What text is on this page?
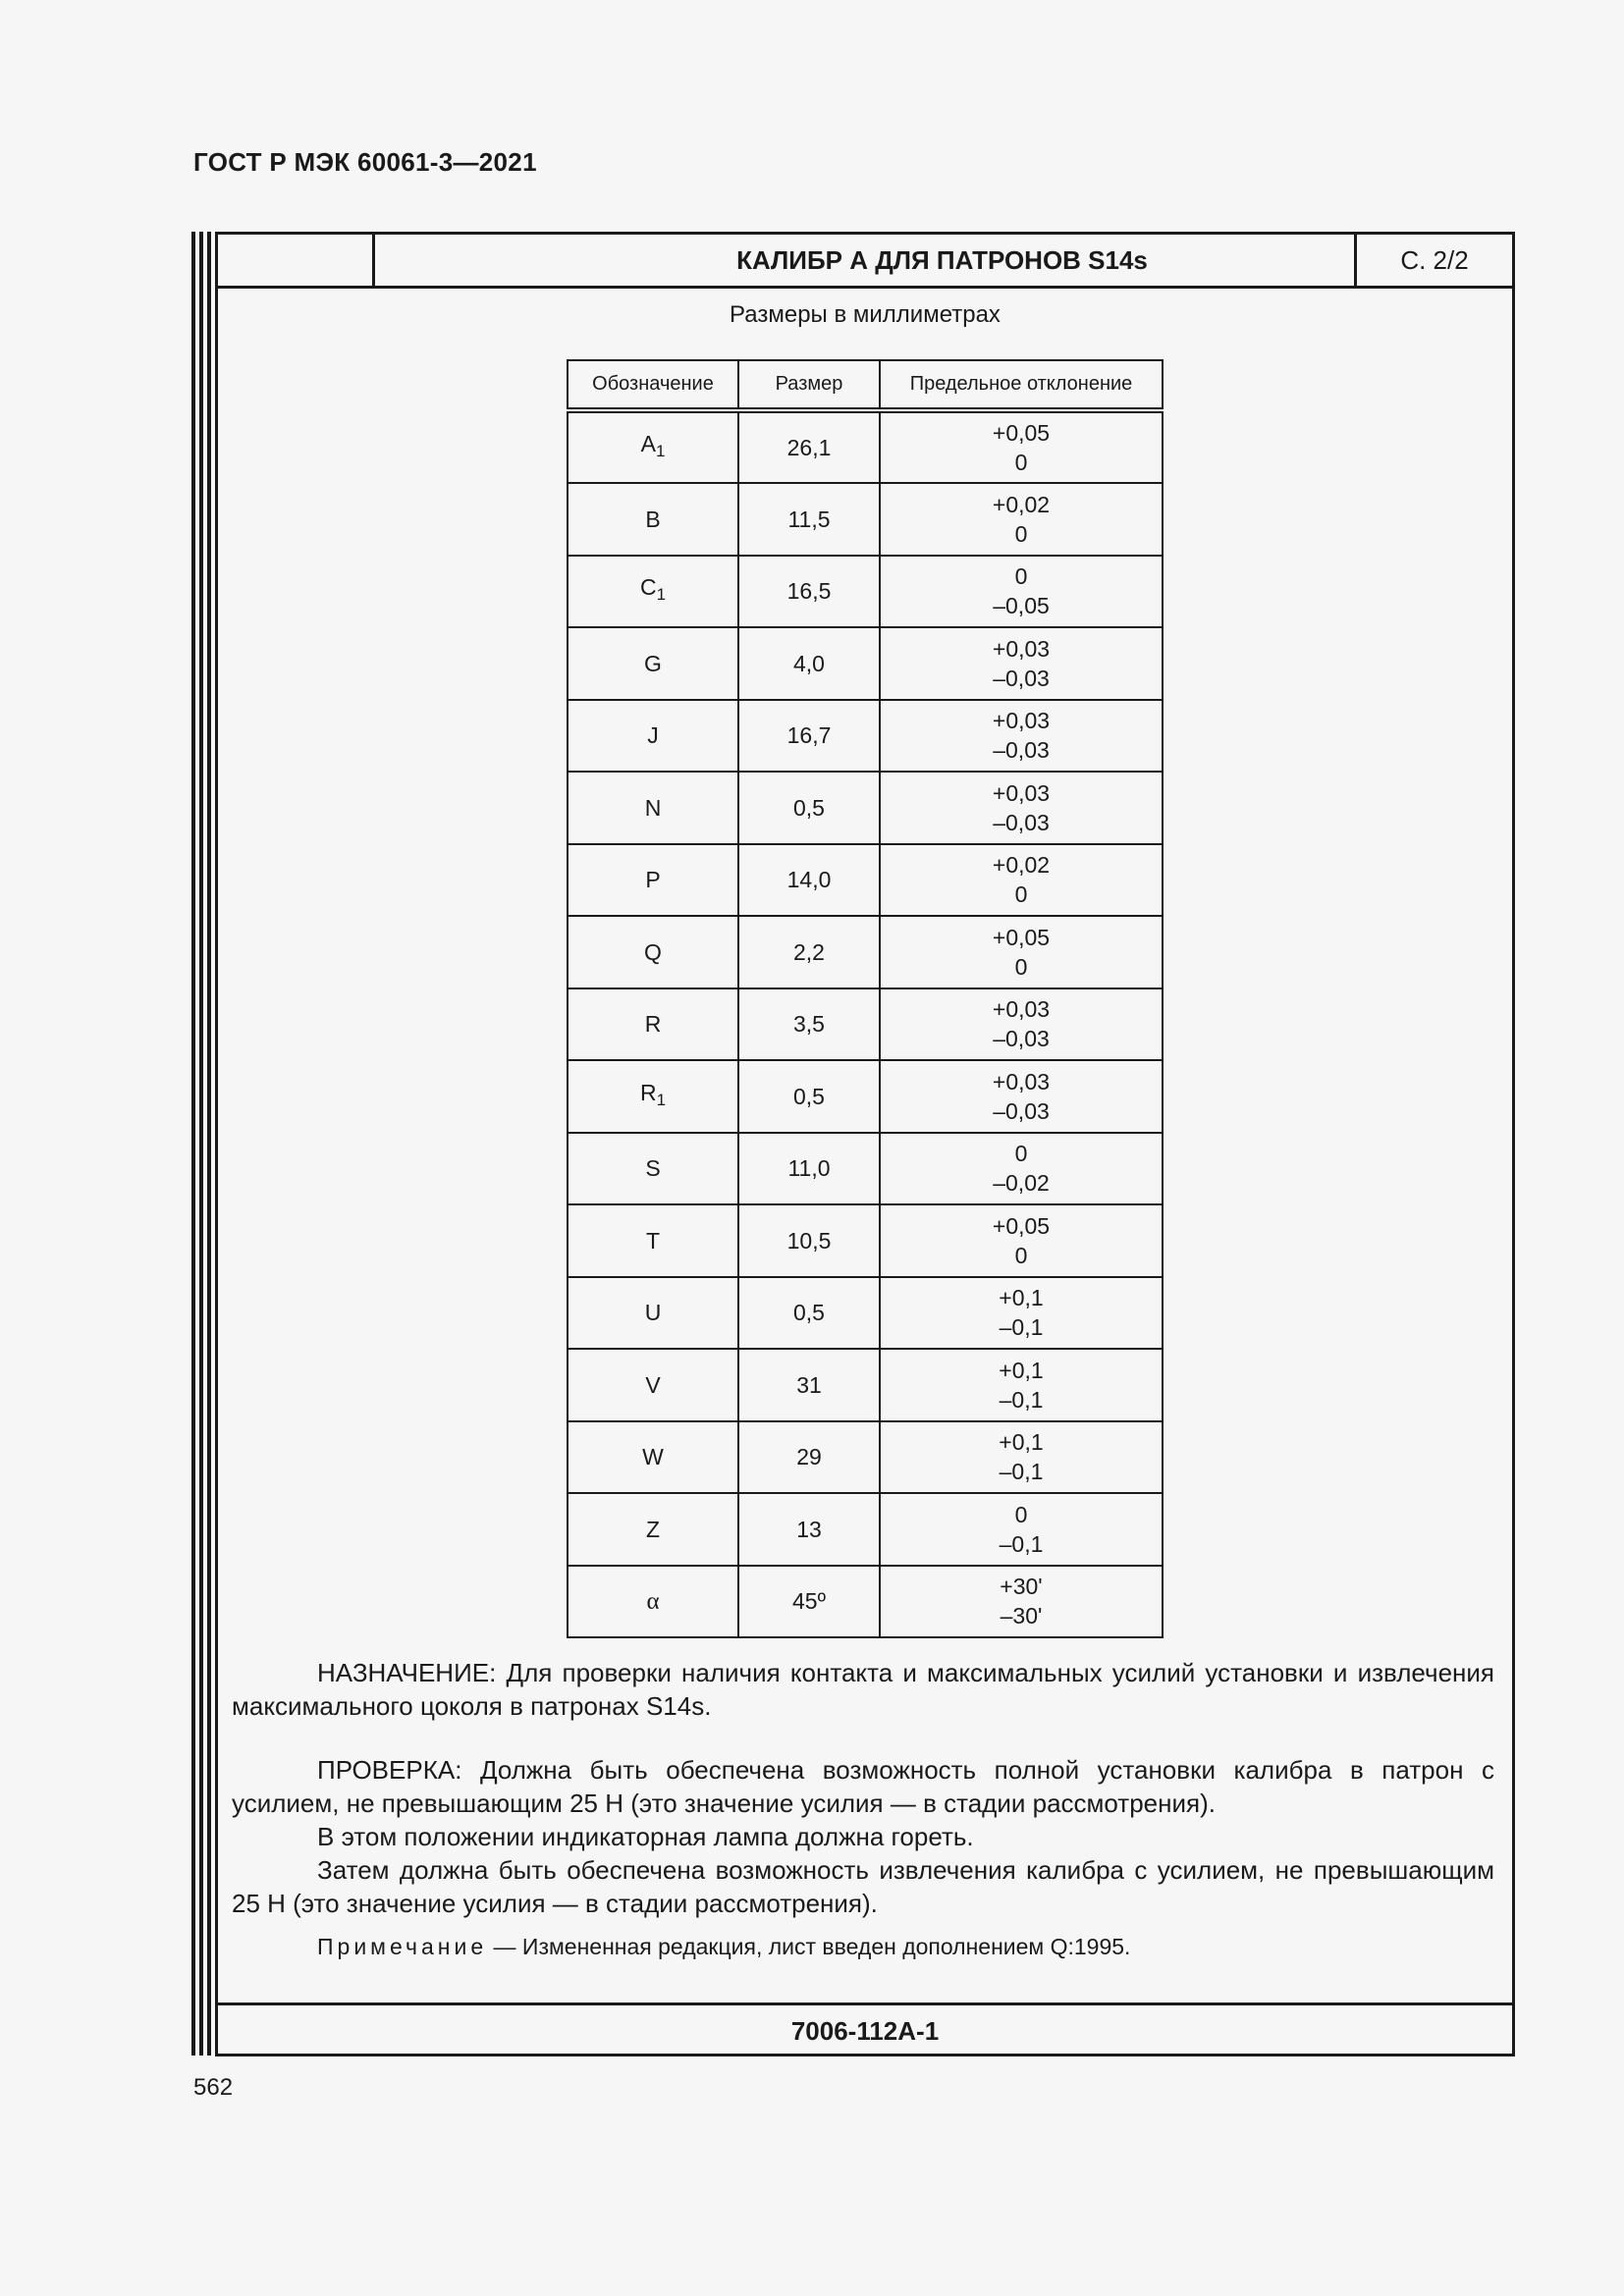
ГОСТ Р МЭК 60061-3—2021
КАЛИБР А ДЛЯ ПАТРОНОВ S14s	С. 2/2
Размеры в миллиметрах
Обозначение	Размер	Предельное отклонение
$A_1$	26,1	+0,05
0

B	11,5	+0,02
0

$C_1$	16,5	0
–0,05

G	4,0	+0,03
–0,03

J	16,7	+0,03
–0,03

N	0,5	+0,03
–0,03

P	14,0	+0,02
0

Q	2,2	+0,05
0

R	3,5	+0,03
–0,03

$R_1$	0,5	+0,03
–0,03

S	11,0	0
–0,02

T	10,5	+0,05
0

U	0,5	+0,1
–0,1

V	31	+0,1
–0,1

W	29	+0,1
–0,1

Z	13	0
–0,1

α	45º	+30'
–30'

НАЗНАЧЕНИЕ: Для проверки наличия контакта и максимальных усилий установки и извлечения максимального цоколя в патронах S14s.

ПРОВЕРКА: Должна быть обеспечена возможность полной установки калибра в патрон с усилием, не превышающим 25 Н (это значение усилия — в стадии рассмотрения).

В этом положении индикаторная лампа должна гореть.

Затем должна быть обеспечена возможность извлечения калибра с усилием, не превышающим 25 Н (это значение усилия — в стадии рассмотрения).

Примечание — Измененная редакция, лист введен дополнением Q:1995.
7006-112А-1
562
